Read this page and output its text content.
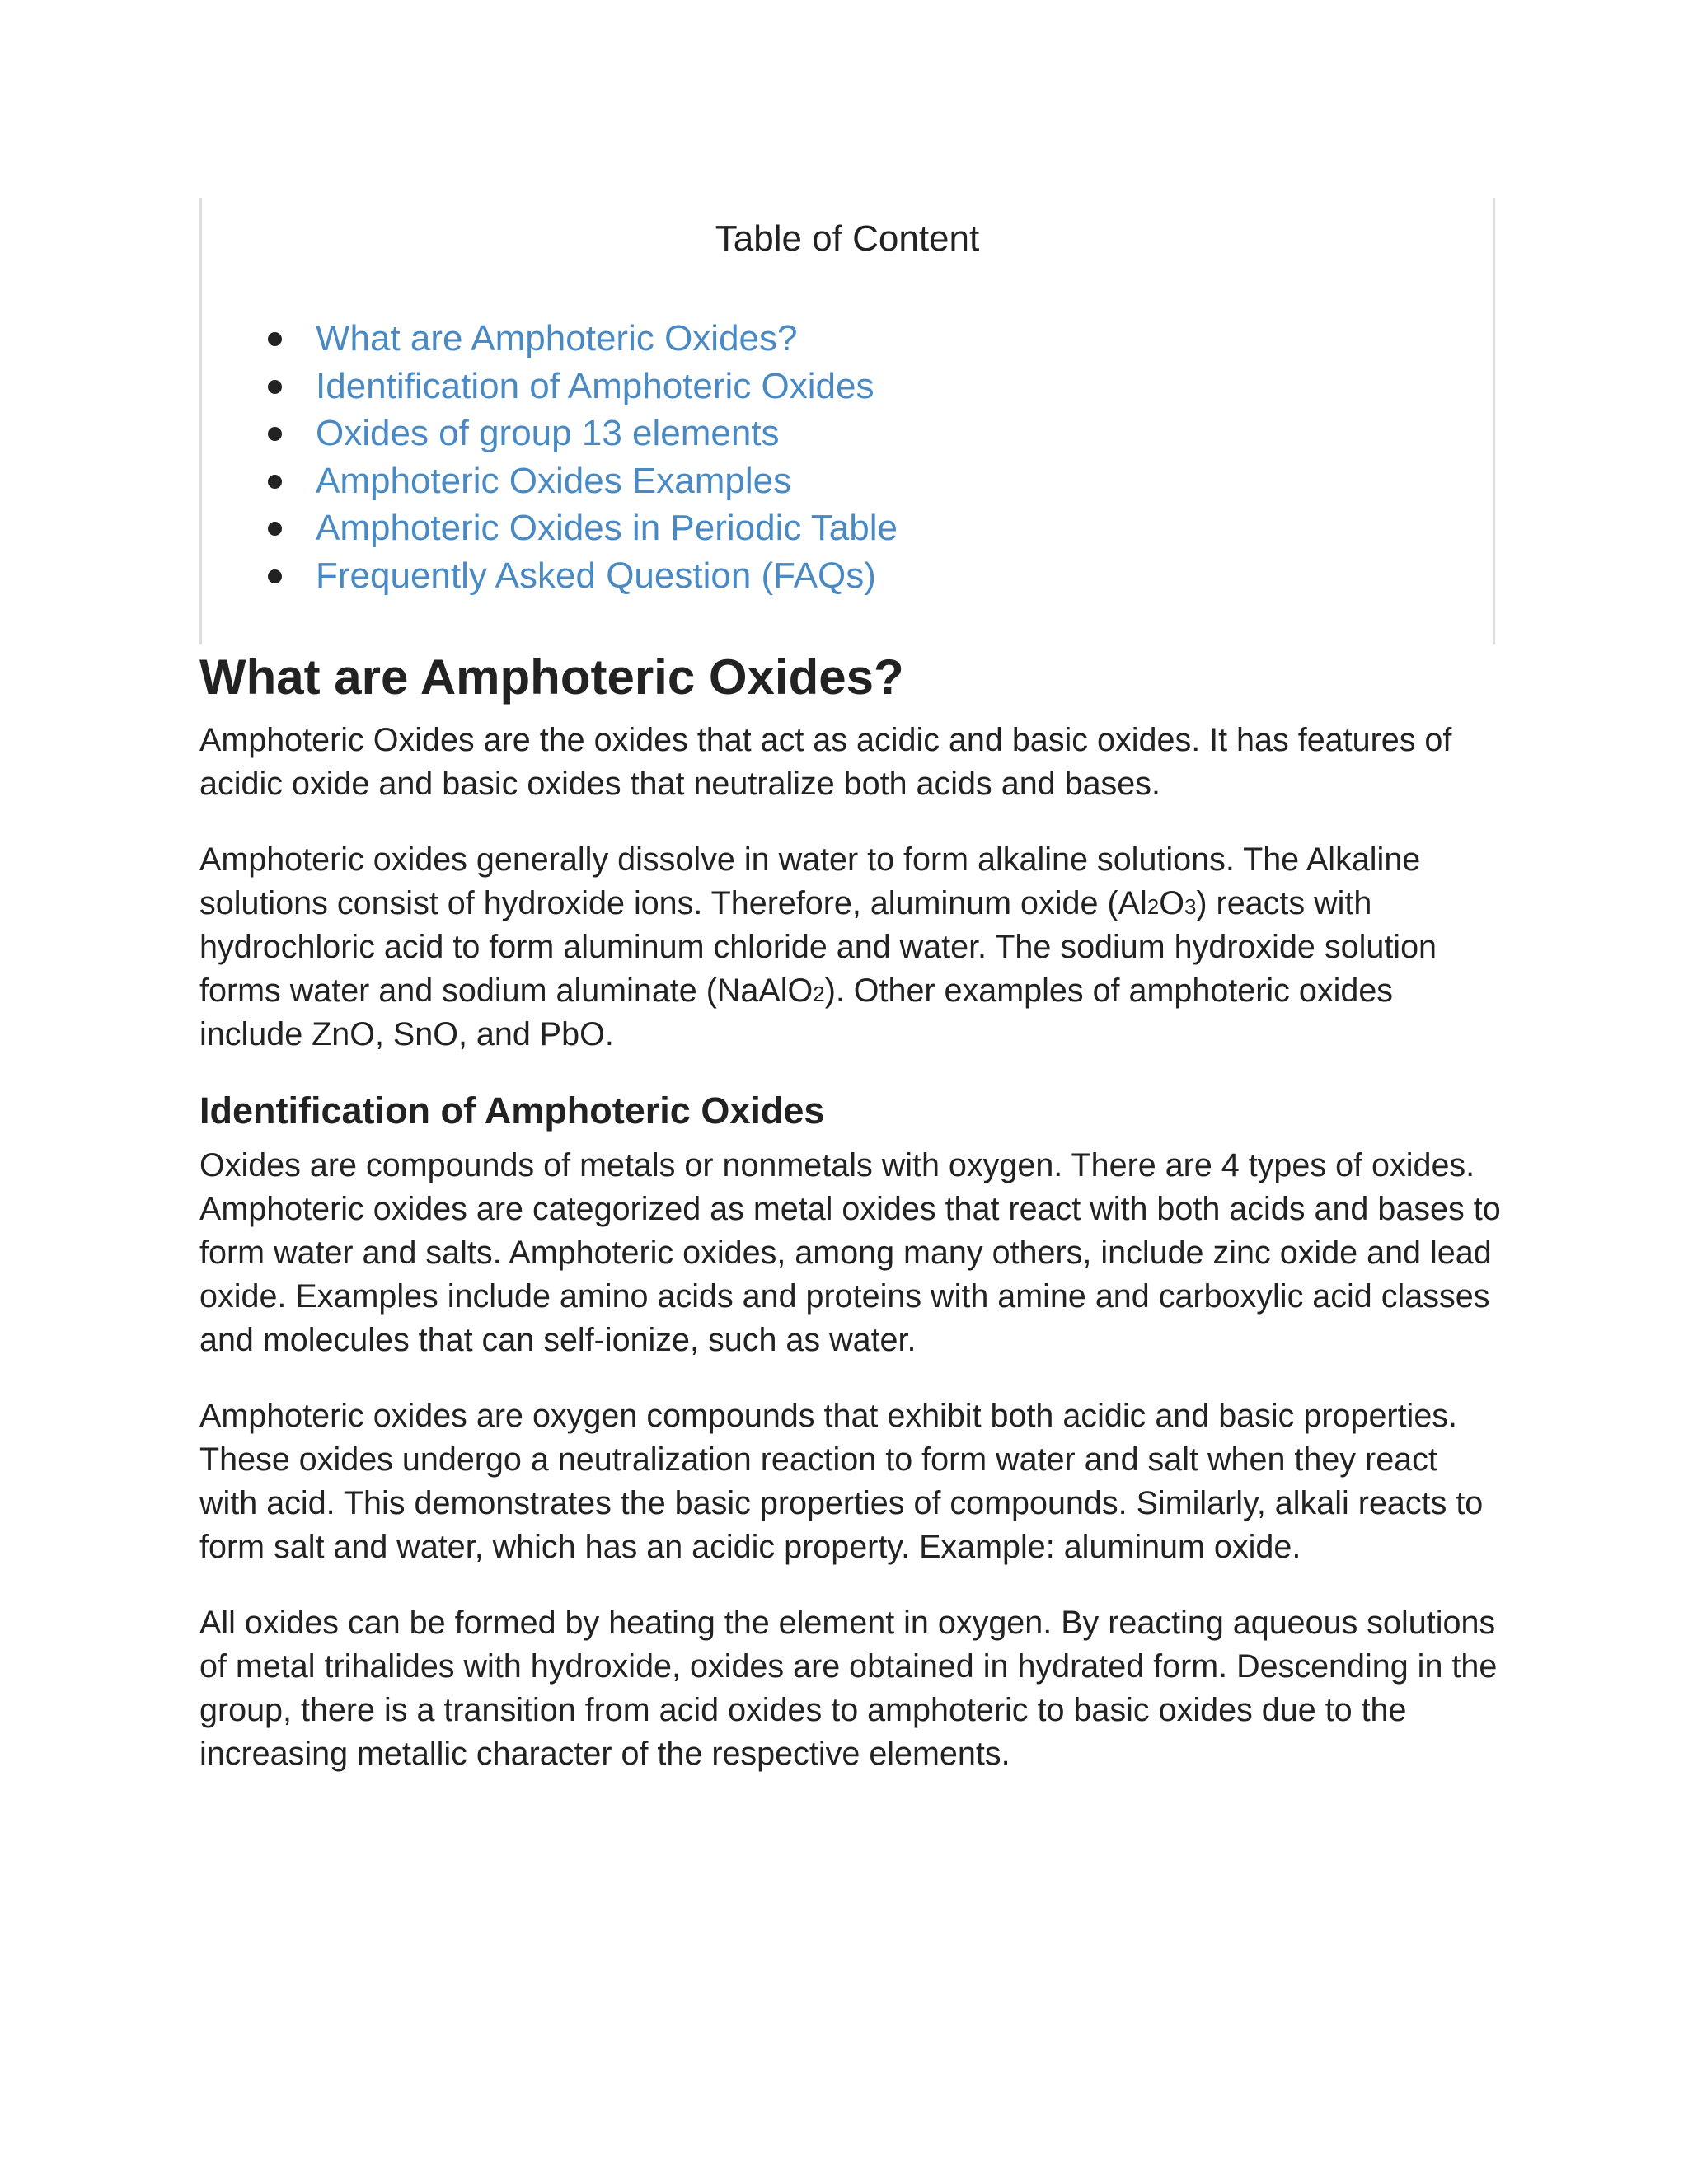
Table of Content
What are Amphoteric Oxides?
Identification of Amphoteric Oxides
Oxides of group 13 elements
Amphoteric Oxides Examples
Amphoteric Oxides in Periodic Table
Frequently Asked Question (FAQs)
What are Amphoteric Oxides?

Amphoteric Oxides are the oxides that act as acidic and basic oxides. It has features of acidic oxide and basic oxides that neutralize both acids and bases.

Amphoteric oxides generally dissolve in water to form alkaline solutions. The Alkaline solutions consist of hydroxide ions. Therefore, aluminum oxide (Al2O3) reacts with hydrochloric acid to form aluminum chloride and water. The sodium hydroxide solution forms water and sodium aluminate (NaAlO2). Other examples of amphoteric oxides include ZnO, SnO, and PbO.

Identification of Amphoteric Oxides

Oxides are compounds of metals or nonmetals with oxygen. There are 4 types of oxides. Amphoteric oxides are categorized as metal oxides that react with both acids and bases to form water and salts. Amphoteric oxides, among many others, include zinc oxide and lead oxide. Examples include amino acids and proteins with amine and carboxylic acid classes and molecules that can self-ionize, such as water.

Amphoteric oxides are oxygen compounds that exhibit both acidic and basic properties. These oxides undergo a neutralization reaction to form water and salt when they react with acid. This demonstrates the basic properties of compounds. Similarly, alkali reacts to form salt and water, which has an acidic property. Example: aluminum oxide.

All oxides can be formed by heating the element in oxygen. By reacting aqueous solutions of metal trihalides with hydroxide, oxides are obtained in hydrated form. Descending in the group, there is a transition from acid oxides to amphoteric to basic oxides due to the increasing metallic character of the respective elements.
